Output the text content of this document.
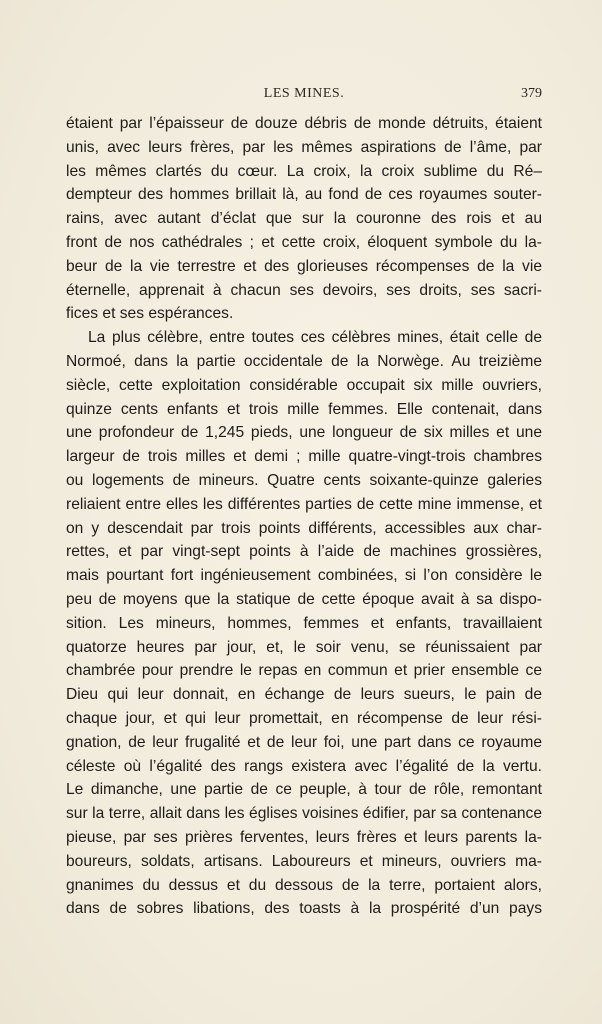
LES MINES.	379
étaient par l’épaisseur de douze débris de monde détruits, étaient
unis, avec leurs frères, par les mêmes aspirations de l’âme, par
les mêmes clartés du cœur. La croix, la croix sublime du Ré–
dempteur des hommes brillait là, au fond de ces royaumes souter-
rains, avec autant d’éclat que sur la couronne des rois et au
front de nos cathédrales ; et cette croix, éloquent symbole du la-
beur de la vie terrestre et des glorieuses récompenses de la vie
éternelle, apprenait à chacun ses devoirs, ses droits, ses sacri-
fices et ses espérances.
La plus célèbre, entre toutes ces célèbres mines, était celle de
Normoé, dans la partie occidentale de la Norwège. Au treizième
siècle, cette exploitation considérable occupait six mille ouvriers,
quinze cents enfants et trois mille femmes. Elle contenait, dans
une profondeur de 1,245 pieds, une longueur de six milles et une
largeur de trois milles et demi ; mille quatre-vingt-trois chambres
ou logements de mineurs. Quatre cents soixante-quinze galeries
reliaient entre elles les différentes parties de cette mine immense, et
on y descendait par trois points différents, accessibles aux char-
rettes, et par vingt-sept points à l’aide de machines grossières,
mais pourtant fort ingénieusement combinées, si l’on considère le
peu de moyens que la statique de cette époque avait à sa dispo-
sition. Les mineurs, hommes, femmes et enfants, travaillaient
quatorze heures par jour, et, le soir venu, se réunissaient par
chambrée pour prendre le repas en commun et prier ensemble ce
Dieu qui leur donnait, en échange de leurs sueurs, le pain de
chaque jour, et qui leur promettait, en récompense de leur rési-
gnation, de leur frugalité et de leur foi, une part dans ce royaume
céleste où l’égalité des rangs existera avec l’égalité de la vertu.
Le dimanche, une partie de ce peuple, à tour de rôle, remontant
sur la terre, allait dans les églises voisines édifier, par sa contenance
pieuse, par ses prières ferventes, leurs frères et leurs parents la-
boureurs, soldats, artisans. Laboureurs et mineurs, ouvriers ma-
gnanimes du dessus et du dessous de la terre, portaient alors,
dans de sobres libations, des toasts à la prospérité d’un pays
